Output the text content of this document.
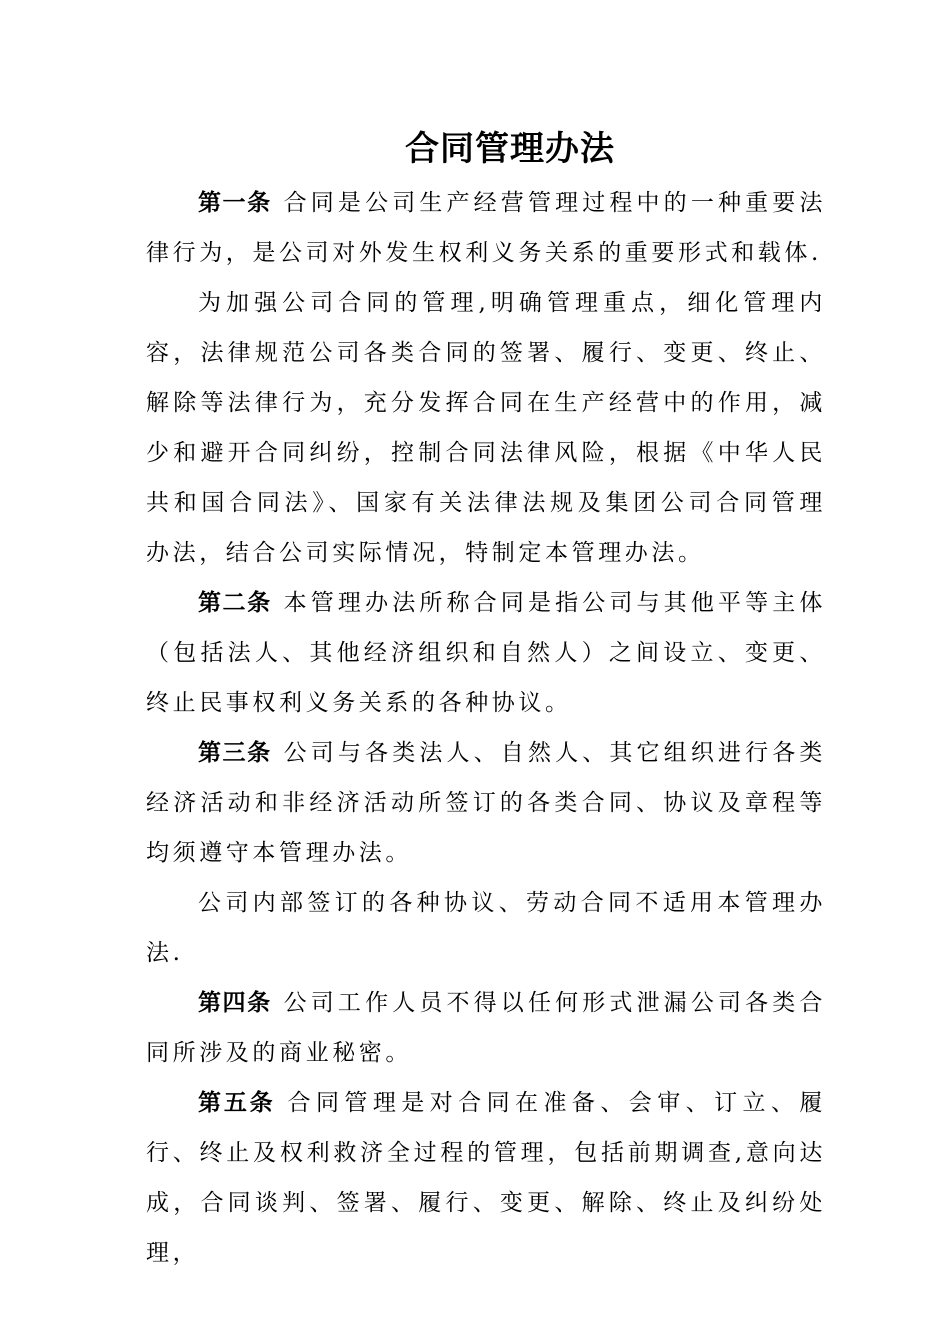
合同管理办法

第一条 合同是公司生产经营管理过程中的一种重要法律行为，是公司对外发生权利义务关系的重要形式和载体.

为加强公司合同的管理,明确管理重点，细化管理内容，法律规范公司各类合同的签署、履行、变更、终止、解除等法律行为，充分发挥合同在生产经营中的作用，减少和避开合同纠纷，控制合同法律风险，根据《中华人民共和国合同法》、国家有关法律法规及集团公司合同管理办法，结合公司实际情况，特制定本管理办法。

第二条 本管理办法所称合同是指公司与其他平等主体（包括法人、其他经济组织和自然人）之间设立、变更、终止民事权利义务关系的各种协议。

第三条 公司与各类法人、自然人、其它组织进行各类经济活动和非经济活动所签订的各类合同、协议及章程等均须遵守本管理办法。

公司内部签订的各种协议、劳动合同不适用本管理办法.

第四条 公司工作人员不得以任何形式泄漏公司各类合同所涉及的商业秘密。

第五条 合同管理是对合同在准备、会审、订立、履行、终止及权利救济全过程的管理，包括前期调查,意向达成，合同谈判、签署、履行、变更、解除、终止及纠纷处理，
